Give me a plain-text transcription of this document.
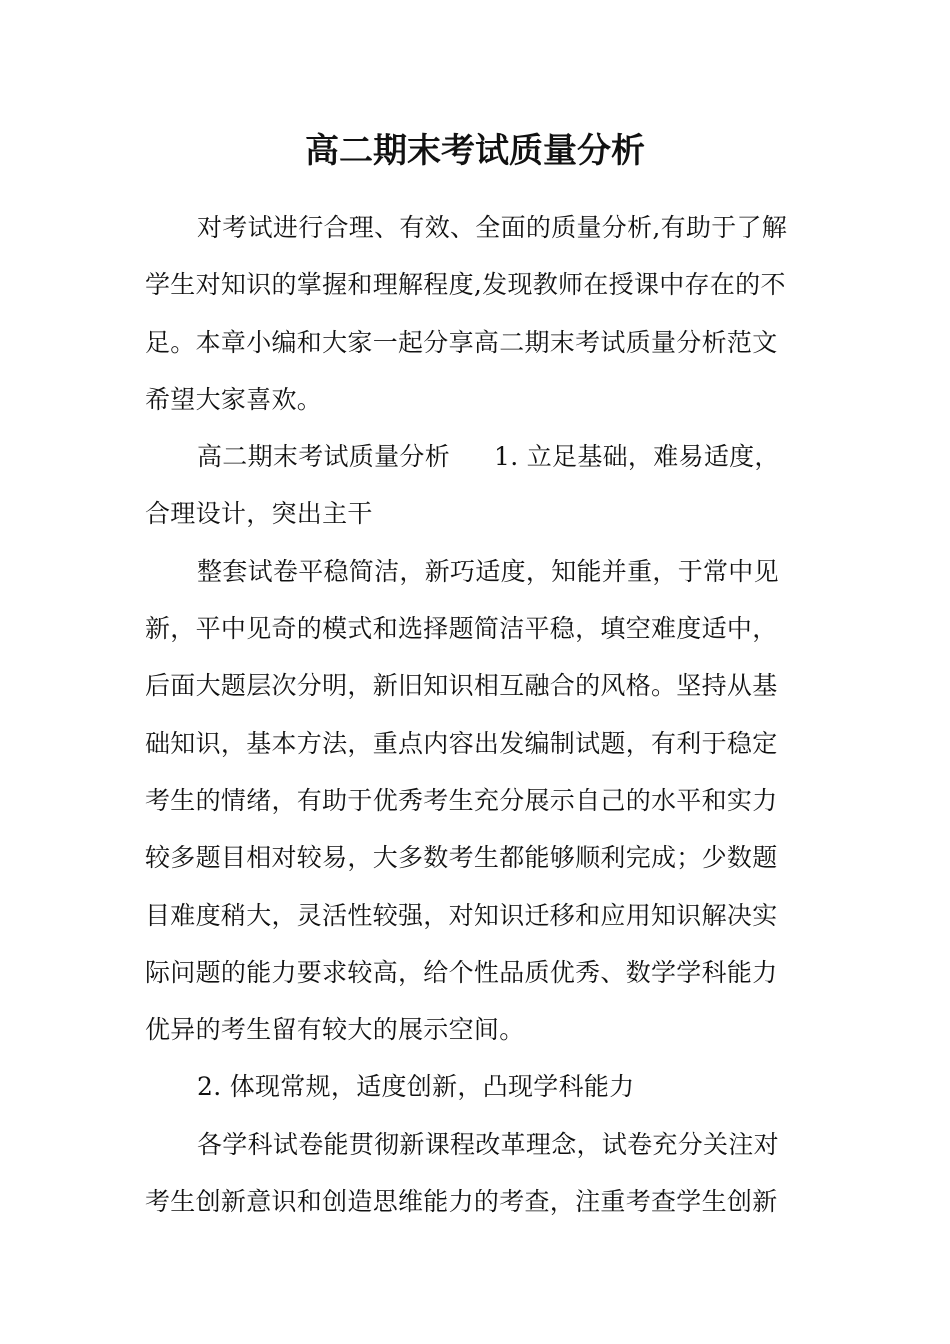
高二期末考试质量分析
对考试进行合理、有效、全面的质量分析,有助于了解
学生对知识的掌握和理解程度,发现教师在授课中存在的不
足。本章小编和大家一起分享高二期末考试质量分析范文
希望大家喜欢。
高二期末考试质量分析 1. 立足基础，难易适度，
合理设计，突出主干
整套试卷平稳简洁，新巧适度，知能并重，于常中见
新，平中见奇的模式和选择题简洁平稳，填空难度适中，
后面大题层次分明，新旧知识相互融合的风格。坚持从基
础知识，基本方法，重点内容出发编制试题，有利于稳定
考生的情绪，有助于优秀考生充分展示自己的水平和实力
较多题目相对较易，大多数考生都能够顺利完成；少数题
目难度稍大，灵活性较强，对知识迁移和应用知识解决实
际问题的能力要求较高，给个性品质优秀、数学学科能力
优异的考生留有较大的展示空间。
2. 体现常规，适度创新，凸现学科能力
各学科试卷能贯彻新课程改革理念，试卷充分关注对
考生创新意识和创造思维能力的考查，注重考查学生创新
